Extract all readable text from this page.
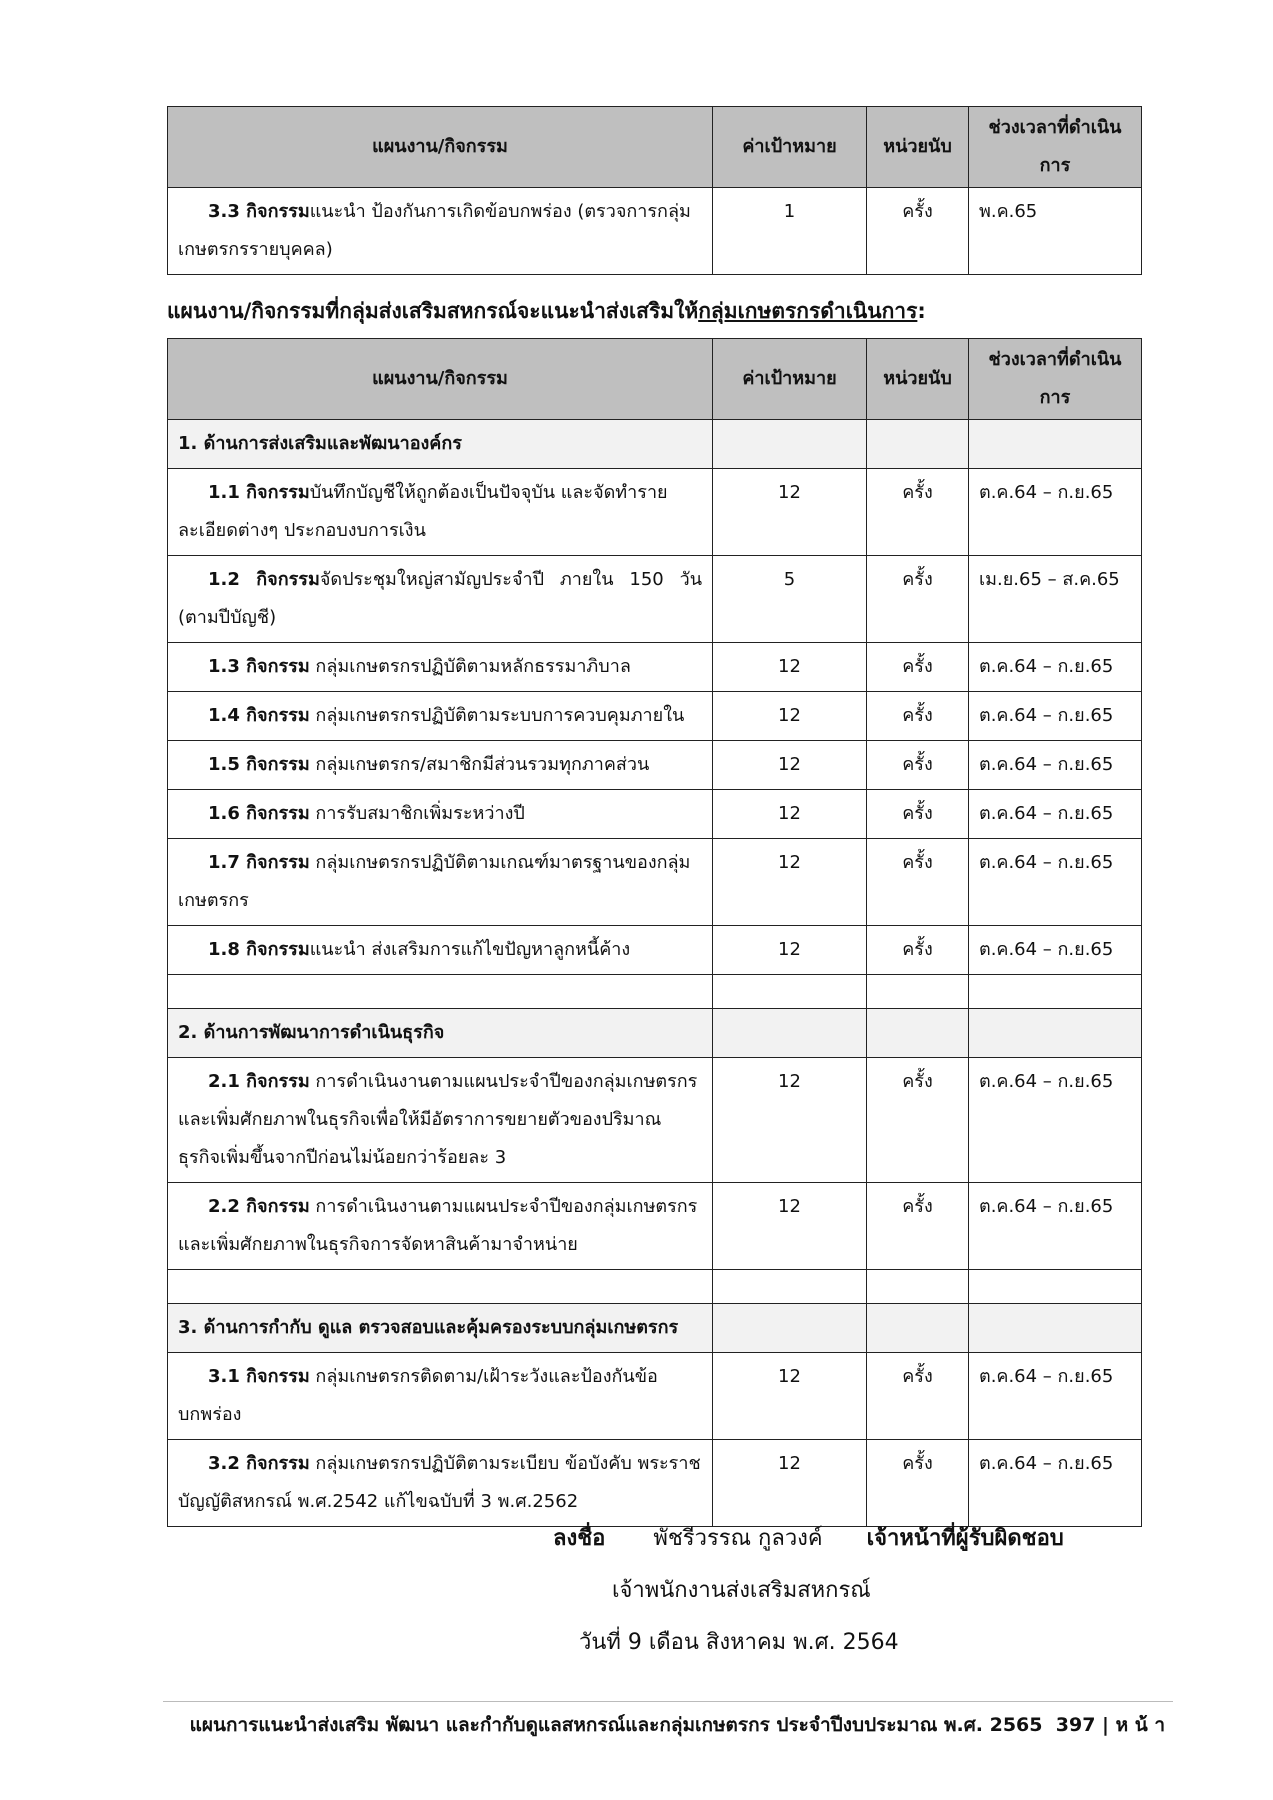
แผนงาน/กิจกรรม	ค่าเป้าหมาย	หน่วยนับ	ช่วงเวลาที่ดำเนินการ
3.3 กิจกรรมแนะนำ ป้องกันการเกิดข้อบกพร่อง (ตรวจการกลุ่มเกษตรกรรายบุคคล)	1	ครั้ง	พ.ค.65
แผนงาน/กิจกรรมที่กลุ่มส่งเสริมสหกรณ์จะแนะนำส่งเสริมให้กลุ่มเกษตรกรดำเนินการ:
แผนงาน/กิจกรรม	ค่าเป้าหมาย	หน่วยนับ	ช่วงเวลาที่ดำเนินการ
1. ด้านการส่งเสริมและพัฒนาองค์กร			
1.1 กิจกรรมบันทึกบัญชีให้ถูกต้องเป็นปัจจุบัน และจัดทำรายละเอียดต่างๆ ประกอบงบการเงิน	12	ครั้ง	ต.ค.64 – ก.ย.65
1.2 กิจกรรมจัดประชุมใหญ่สามัญประจำปี ภายใน 150 วัน (ตามปีบัญชี)	5	ครั้ง	เม.ย.65 – ส.ค.65
1.3 กิจกรรม กลุ่มเกษตรกรปฏิบัติตามหลักธรรมาภิบาล	12	ครั้ง	ต.ค.64 – ก.ย.65
1.4 กิจกรรม กลุ่มเกษตรกรปฏิบัติตามระบบการควบคุมภายใน	12	ครั้ง	ต.ค.64 – ก.ย.65
1.5 กิจกรรม กลุ่มเกษตรกร/สมาชิกมีส่วนรวมทุกภาคส่วน	12	ครั้ง	ต.ค.64 – ก.ย.65
1.6 กิจกรรม การรับสมาชิกเพิ่มระหว่างปี	12	ครั้ง	ต.ค.64 – ก.ย.65
1.7 กิจกรรม กลุ่มเกษตรกรปฏิบัติตามเกณฑ์มาตรฐานของกลุ่มเกษตรกร	12	ครั้ง	ต.ค.64 – ก.ย.65
1.8 กิจกรรมแนะนำ ส่งเสริมการแก้ไขปัญหาลูกหนี้ค้าง	12	ครั้ง	ต.ค.64 – ก.ย.65

2. ด้านการพัฒนาการดำเนินธุรกิจ			
2.1 กิจกรรม การดำเนินงานตามแผนประจำปีของกลุ่มเกษตรกร และเพิ่มศักยภาพในธุรกิจเพื่อให้มีอัตราการขยายตัวของปริมาณธุรกิจเพิ่มขึ้นจากปีก่อนไม่น้อยกว่าร้อยละ 3	12	ครั้ง	ต.ค.64 – ก.ย.65
2.2 กิจกรรม การดำเนินงานตามแผนประจำปีของกลุ่มเกษตรกร และเพิ่มศักยภาพในธุรกิจการจัดหาสินค้ามาจำหน่าย	12	ครั้ง	ต.ค.64 – ก.ย.65

3. ด้านการกำกับ ดูแล ตรวจสอบและคุ้มครองระบบกลุ่มเกษตรกร			
3.1 กิจกรรม กลุ่มเกษตรกรติดตาม/เฝ้าระวังและป้องกันข้อบกพร่อง	12	ครั้ง	ต.ค.64 – ก.ย.65
3.2 กิจกรรม กลุ่มเกษตรกรปฏิบัติตามระเบียบ ข้อบังคับ พระราชบัญญัติสหกรณ์ พ.ศ.2542 แก้ไขฉบับที่ 3 พ.ศ.2562	12	ครั้ง	ต.ค.64 – ก.ย.65
ลงชื่อ พัชรีวรรณ กูลวงค์ เจ้าหน้าที่ผู้รับผิดชอบ
เจ้าพนักงานส่งเสริมสหกรณ์
วันที่ 9 เดือน สิงหาคม พ.ศ. 2564
แผนการแนะนำส่งเสริม พัฒนา และกำกับดูแลสหกรณ์และกลุ่มเกษตรกร ประจำปีงบประมาณ พ.ศ. 2565 397 | ห น้ า
